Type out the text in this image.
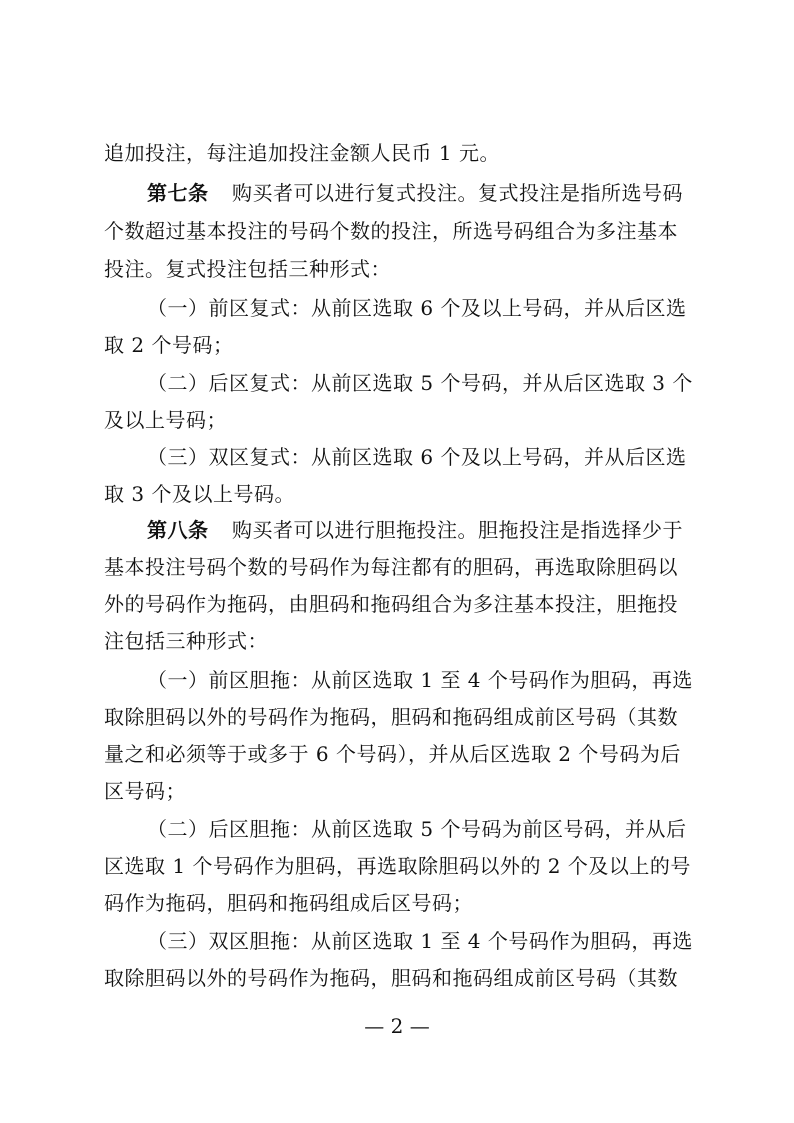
追加投注，每注追加投注金额人民币 1 元。
第七条 购买者可以进行复式投注。复式投注是指所选号码
个数超过基本投注的号码个数的投注，所选号码组合为多注基本
投注。复式投注包括三种形式：
（一）前区复式：从前区选取 6 个及以上号码，并从后区选
取 2 个号码；
（二）后区复式：从前区选取 5 个号码，并从后区选取 3 个
及以上号码；
（三）双区复式：从前区选取 6 个及以上号码，并从后区选
取 3 个及以上号码。
第八条 购买者可以进行胆拖投注。胆拖投注是指选择少于
基本投注号码个数的号码作为每注都有的胆码，再选取除胆码以
外的号码作为拖码，由胆码和拖码组合为多注基本投注，胆拖投
注包括三种形式：
（一）前区胆拖：从前区选取 1 至 4 个号码作为胆码，再选
取除胆码以外的号码作为拖码，胆码和拖码组成前区号码（其数
量之和必须等于或多于 6 个号码），并从后区选取 2 个号码为后
区号码；
（二）后区胆拖：从前区选取 5 个号码为前区号码，并从后
区选取 1 个号码作为胆码，再选取除胆码以外的 2 个及以上的号
码作为拖码，胆码和拖码组成后区号码；
（三）双区胆拖：从前区选取 1 至 4 个号码作为胆码，再选
取除胆码以外的号码作为拖码，胆码和拖码组成前区号码（其数
— 2 —
